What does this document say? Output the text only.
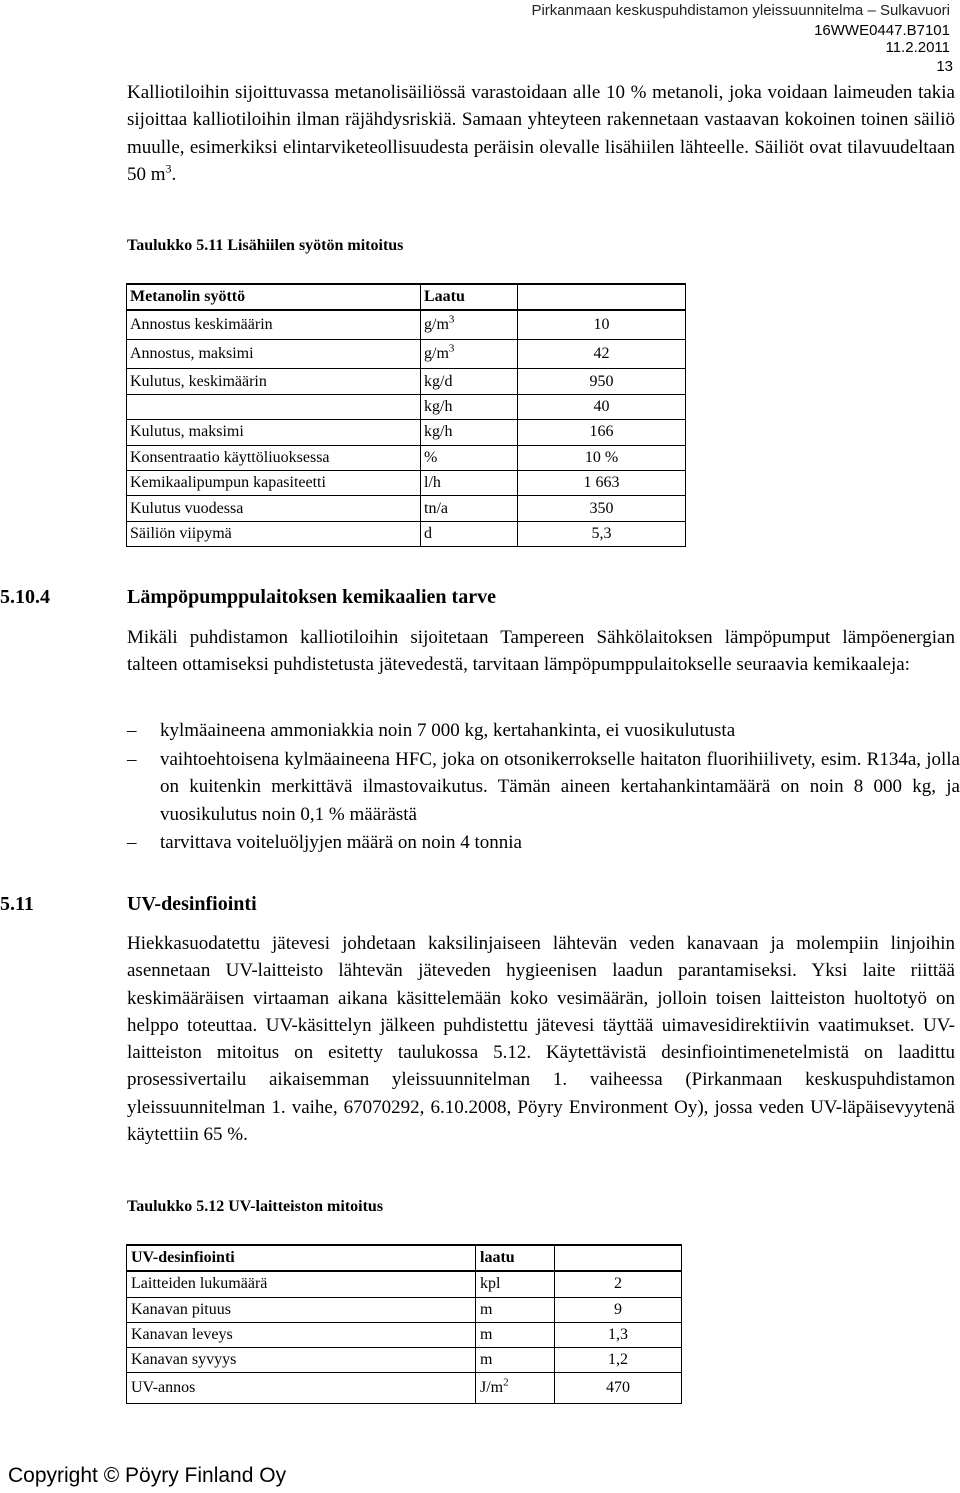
Pirkanmaan keskuspuhdistamon yleissuunnitelma – Sulkavuori
16WWE0447.B7101
11.2.2011
13
Kalliotiloihin sijoittuvassa metanolisäiliössä varastoidaan alle 10 % metanoli, joka voidaan laimeuden takia sijoittaa kalliotiloihin ilman räjähdysriskiä. Samaan yhteyteen rakennetaan vastaavan kokoinen toinen säiliö muulle, esimerkiksi elintarviketeollisuudesta peräisin olevalle lisähiilen lähteelle. Säiliöt ovat tilavuudeltaan 50 $m^3$.
Taulukko 5.11 Lisähiilen syötön mitoitus
Metanolin syöttö	Laatu	
Annostus keskimäärin	$g/m^3$	10
Annostus, maksimi	$g/m^3$	42
Kulutus, keskimäärin	kg/d	950
	kg/h	40
Kulutus, maksimi	kg/h	166
Konsentraatio käyttöliuoksessa	%	10 %
Kemikaalipumpun kapasiteetti	l/h	1 663
Kulutus vuodessa	tn/a	350
Säiliön viipymä	d	5,3
5.10.4	Lämpöpumppulaitoksen kemikaalien tarve
Mikäli puhdistamon kalliotiloihin sijoitetaan Tampereen Sähkölaitoksen lämpöpumput lämpöenergian talteen ottamiseksi puhdistetusta jätevedestä, tarvitaan lämpöpumppulaitokselle seuraavia kemikaaleja:
–	kylmäaineena ammoniakkia noin 7 000 kg, kertahankinta, ei vuosikulutusta
–	vaihtoehtoisena kylmäaineena HFC, joka on otsonikerrokselle haitaton fluorihiilivety, esim. R134a, jolla on kuitenkin merkittävä ilmastovaikutus. Tämän aineen kertahankintamäärä on noin 8 000 kg, ja vuosikulutus noin 0,1 % määrästä
–	tarvittava voiteluöljyjen määrä on noin 4 tonnia
5.11	UV-desinfiointi
Hiekkasuodatettu jätevesi johdetaan kaksilinjaiseen lähtevän veden kanavaan ja molempiin linjoihin asennetaan UV-laitteisto lähtevän jäteveden hygieenisen laadun parantamiseksi. Yksi laite riittää keskimääräisen virtaaman aikana käsittelemään koko vesimäärän, jolloin toisen laitteiston huoltotyö on helppo toteuttaa. UV-käsittelyn jälkeen puhdistettu jätevesi täyttää uimavesidirektiivin vaatimukset. UV-laitteiston mitoitus on esitetty taulukossa 5.12. Käytettävistä desinfiointimenetelmistä on laadittu prosessivertailu aikaisemman yleissuunnitelman 1. vaiheessa (Pirkanmaan keskuspuhdistamon yleissuunnitelman 1. vaihe, 67070292, 6.10.2008, Pöyry Environment Oy), jossa veden UV-läpäisevyytenä käytettiin 65 %.
Taulukko 5.12 UV-laitteiston mitoitus
UV-desinfiointi	laatu	
Laitteiden lukumäärä	kpl	2
Kanavan pituus	m	9
Kanavan leveys	m	1,3
Kanavan syvyys	m	1,2
UV-annos	$J/m^2$	470
Copyright © Pöyry Finland Oy
